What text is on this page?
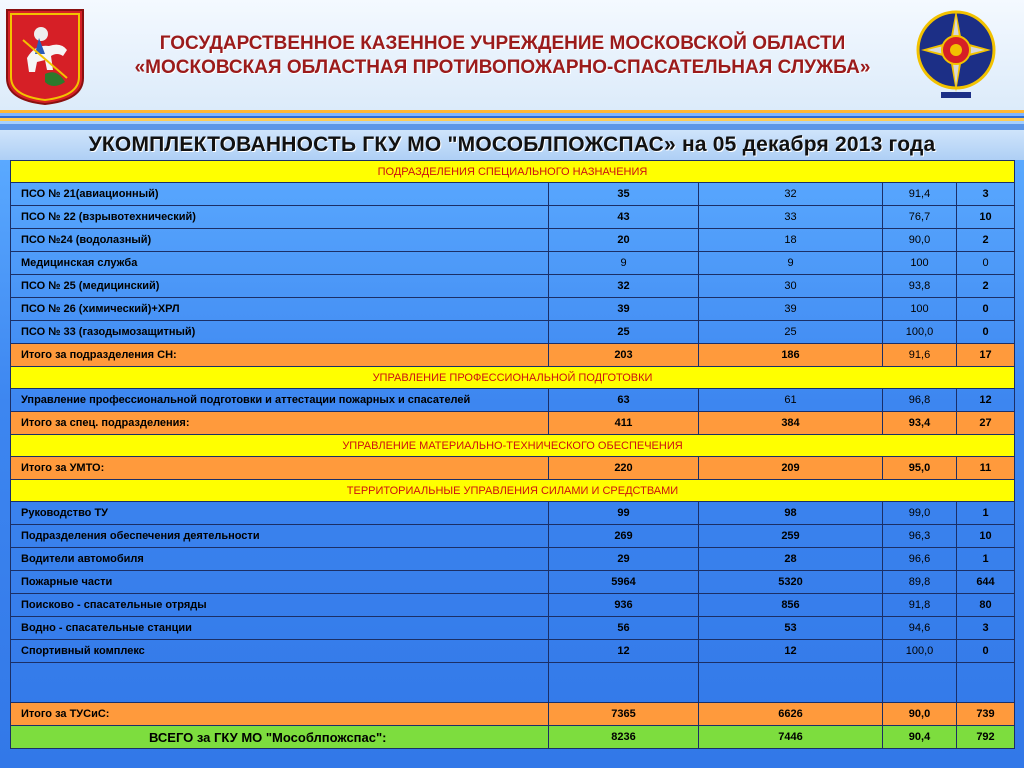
ГОСУДАРСТВЕННОЕ КАЗЕННОЕ УЧРЕЖДЕНИЕ МОСКОВСКОЙ ОБЛАСТИ
«МОСКОВСКАЯ ОБЛАСТНАЯ ПРОТИВОПОЖАРНО-СПАСАТЕЛЬНАЯ СЛУЖБА»
УКОМПЛЕКТОВАННОСТЬ ГКУ МО "МОСОБЛПОЖСПАС» на 05 декабря 2013 года
ПОДРАЗДЕЛЕНИЯ СПЕЦИАЛЬНОГО НАЗНАЧЕНИЯ				
ПСО № 21(авиационный)	35	32	91,4	3
ПСО № 22 (взрывотехнический)	43	33	76,7	10
ПСО №24 (водолазный)	20	18	90,0	2
Медицинская служба	9	9	100	0
ПСО № 25 (медицинский)	32	30	93,8	2
ПСО № 26 (химический)+ХРЛ	39	39	100	0
ПСО № 33 (газодымозащитный)	25	25	100,0	0
Итого за подразделения СН:	203	186	91,6	17
УПРАВЛЕНИЕ ПРОФЕССИОНАЛЬНОЙ ПОДГОТОВКИ				
Управление профессиональной подготовки и аттестации пожарных и спасателей	63	61	96,8	12
Итого за спец. подразделения:	411	384	93,4	27
УПРАВЛЕНИЕ МАТЕРИАЛЬНО-ТЕХНИЧЕСКОГО ОБЕСПЕЧЕНИЯ				
Итого за УМТО:	220	209	95,0	11
ТЕРРИТОРИАЛЬНЫЕ УПРАВЛЕНИЯ СИЛАМИ И СРЕДСТВАМИ				
Руководство ТУ	99	98	99,0	1
Подразделения обеспечения деятельности	269	259	96,3	10
Водители автомобиля	29	28	96,6	1
Пожарные части	5964	5320	89,8	644
Поисково - спасательные отряды	936	856	91,8	80
Водно - спасательные станции	56	53	94,6	3
Спортивный комплекс	12	12	100,0	0

Итого за ТУСиС:	7365	6626	90,0	739
ВСЕГО за ГКУ МО "Мособлпожспас":	8236	7446	90,4	792
